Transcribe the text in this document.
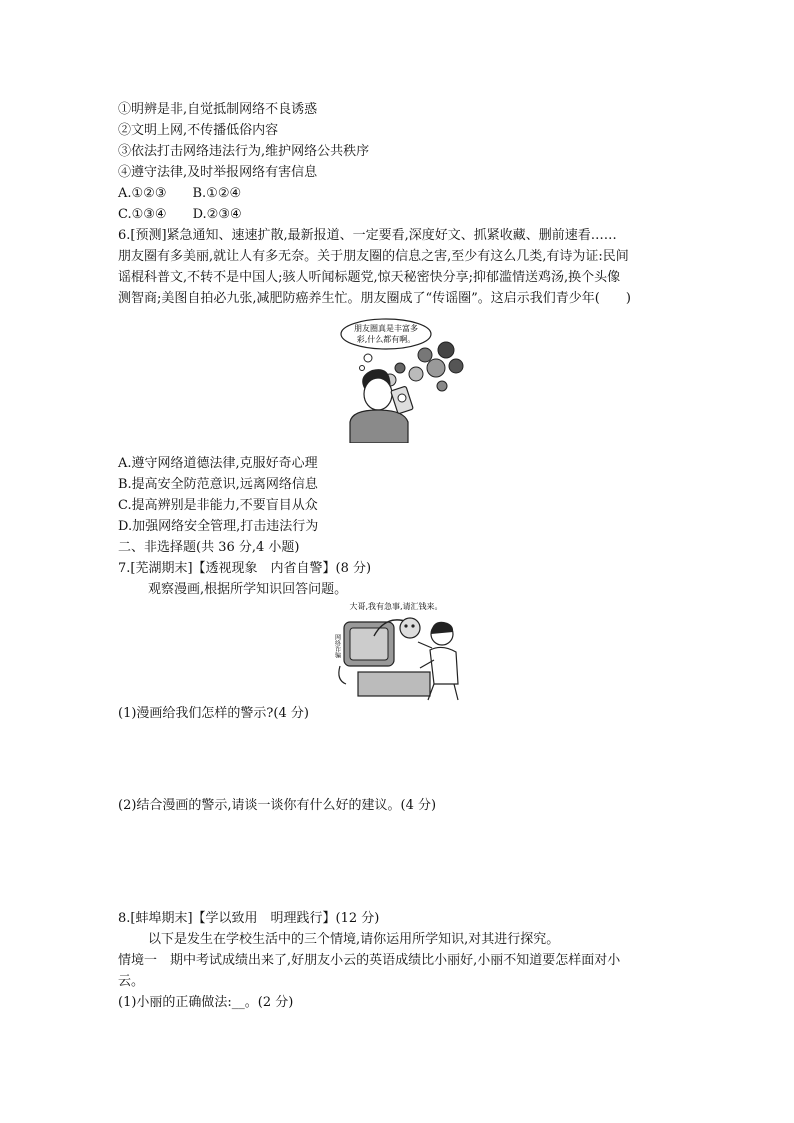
①明辨是非,自觉抵制网络不良诱惑
②文明上网,不传播低俗内容
③依法打击网络违法行为,维护网络公共秩序
④遵守法律,及时举报网络有害信息
A.①②③　　B.①②④
C.①③④　　D.②③④
6.[预测]紧急通知、速速扩散,最新报道、一定要看,深度好文、抓紧收藏、删前速看……
朋友圈有多美丽,就让人有多无奈。关于朋友圈的信息之害,至少有这么几类,有诗为证:民间
谣棍科普文,不转不是中国人;骇人听闻标题党,惊天秘密快分享;抑郁滥情送鸡汤,换个头像
测智商;美图自拍必九张,减肥防癌养生忙。朋友圈成了“传谣圈”。这启示我们青少年(　　)
朋友圈真是丰富多
彩,什么都有啊。
A.遵守网络道德法律,克服好奇心理
B.提高安全防范意识,远离网络信息
C.提高辨别是非能力,不要盲目从众
D.加强网络安全管理,打击违法行为
二、非选择题(共 36 分,4 小题)
7.[芜湖期末]【透视现象　内省自警】(8 分)
观察漫画,根据所学知识回答问题。
大哥,我有急事,请汇钱来。
网络诈骗
(1)漫画给我们怎样的警示?(4 分)
(2)结合漫画的警示,请谈一谈你有什么好的建议。(4 分)
8.[蚌埠期末]【学以致用　明理践行】(12 分)
以下是发生在学校生活中的三个情境,请你运用所学知识,对其进行探究。
情境一　期中考试成绩出来了,好朋友小云的英语成绩比小丽好,小丽不知道要怎样面对小
云。
(1)小丽的正确做法:__。(2 分)
